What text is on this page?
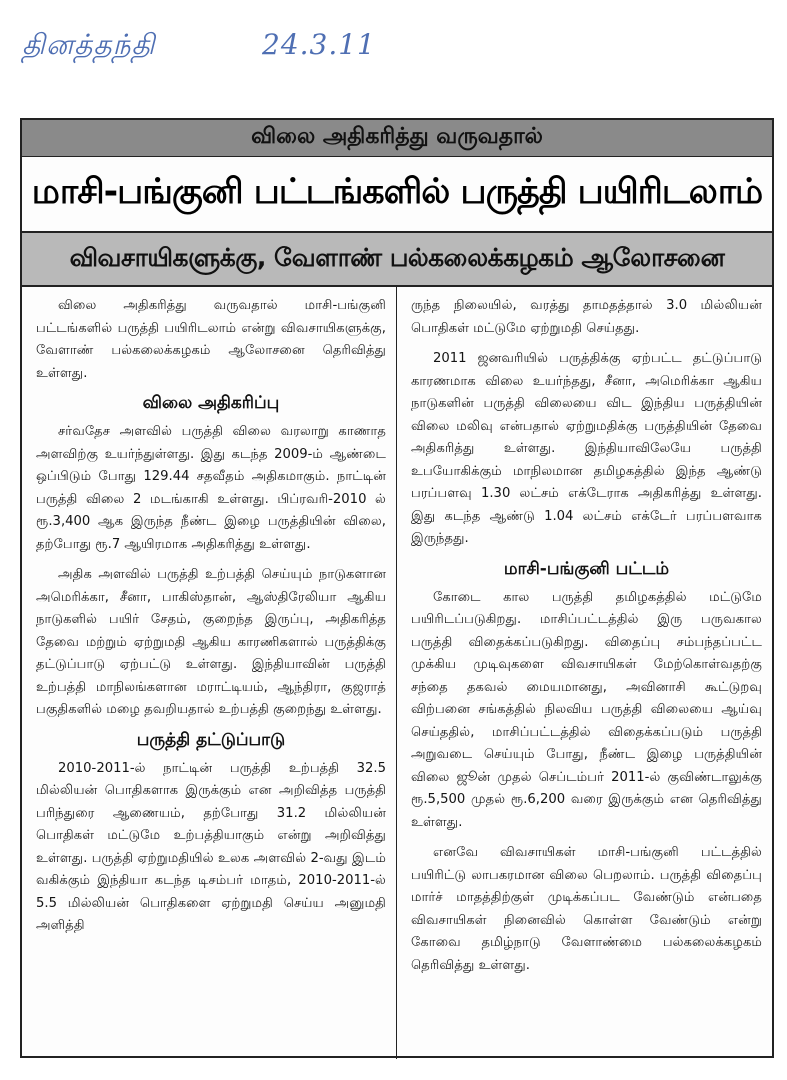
தினத்தந்தி	24.3.11
விலை அதிகரித்து வருவதால்
மாசி-பங்குனி பட்டங்களில் பருத்தி பயிரிடலாம்
விவசாயிகளுக்கு, வேளாண் பல்கலைக்கழகம் ஆலோசனை

விலை அதிகரித்து வருவதால் மாசி-பங்குனி பட்டங்களில் பருத்தி பயிரிடலாம் என்று விவசாயிகளுக்கு, வேளாண் பல்கலைக்கழகம் ஆலோசனை தெரிவித்து உள்ளது.

விலை அதிகரிப்பு

சர்வதேச அளவில் பருத்தி விலை வரலாறு காணாத அளவிற்கு உயர்ந்துள்ளது. இது கடந்த 2009-ம் ஆண்டை ஒப்பிடும் போது 129.44 சதவீதம் அதிகமாகும். நாட்டின் பருத்தி விலை 2 மடங்காகி உள்ளது. பிப்ரவரி-2010 ல் ரூ.3,400 ஆக இருந்த நீண்ட இழை பருத்தியின் விலை, தற்போது ரூ.7 ஆயிரமாக அதிகரித்து உள்ளது.

அதிக அளவில் பருத்தி உற்பத்தி செய்யும் நாடுகளான அமெரிக்கா, சீனா, பாகிஸ்தான், ஆஸ்திரேலியா ஆகிய நாடுகளில் பயிர் சேதம், குறைந்த இருப்பு, அதிகரித்த தேவை மற்றும் ஏற்றுமதி ஆகிய காரணிகளால் பருத்திக்கு தட்டுப்பாடு ஏற்பட்டு உள்ளது. இந்தியாவின் பருத்தி உற்பத்தி மாநிலங்களான மராட்டியம், ஆந்திரா, குஜராத் பகுதிகளில் மழை தவறியதால் உற்பத்தி குறைந்து உள்ளது.

பருத்தி தட்டுப்பாடு

2010-2011-ல் நாட்டின் பருத்தி உற்பத்தி 32.5 மில்லியன் பொதிகளாக இருக்கும் என அறிவித்த பருத்தி பரிந்துரை ஆணையம், தற்போது 31.2 மில்லியன் பொதிகள் மட்டுமே உற்பத்தியாகும் என்று அறிவித்து உள்ளது. பருத்தி ஏற்றுமதியில் உலக அளவில் 2-வது இடம் வகிக்கும் இந்தியா கடந்த டிசம்பர் மாதம், 2010-2011-ல் 5.5 மில்லியன் பொதிகளை ஏற்றுமதி செய்ய அனுமதி அளித்தி

ருந்த நிலையில், வரத்து தாமதத்தால் 3.0 மில்லியன் பொதிகள் மட்டுமே ஏற்றுமதி செய்தது.

2011 ஜனவரியில் பருத்திக்கு ஏற்பட்ட தட்டுப்பாடு காரணமாக விலை உயர்ந்தது, சீனா, அமெரிக்கா ஆகிய நாடுகளின் பருத்தி விலையை விட இந்திய பருத்தியின் விலை மலிவு என்பதால் ஏற்றுமதிக்கு பருத்தியின் தேவை அதிகரித்து உள்ளது. இந்தியாவிலேயே பருத்தி உபயோகிக்கும் மாநிலமான தமிழகத்தில் இந்த ஆண்டு பரப்பளவு 1.30 லட்சம் எக்டேராக அதிகரித்து உள்ளது. இது கடந்த ஆண்டு 1.04 லட்சம் எக்டேர் பரப்பளவாக இருந்தது.

மாசி-பங்குனி பட்டம்

கோடை கால பருத்தி தமிழகத்தில் மட்டுமே பயிரிடப்படுகிறது. மாசிப்பட்டத்தில் இரு பருவகால பருத்தி விதைக்கப்படுகிறது. விதைப்பு சம்பந்தப்பட்ட முக்கிய முடிவுகளை விவசாயிகள் மேற்கொள்வதற்கு சந்தை தகவல் மையமானது, அவினாசி கூட்டுறவு விற்பனை சங்கத்தில் நிலவிய பருத்தி விலையை ஆய்வு செய்ததில், மாசிப்பட்டத்தில் விதைக்கப்படும் பருத்தி அறுவடை செய்யும் போது, நீண்ட இழை பருத்தியின் விலை ஜூன் முதல் செப்டம்பர் 2011-ல் குவிண்டாலுக்கு ரூ.5,500 முதல் ரூ.6,200 வரை இருக்கும் என தெரிவித்து உள்ளது.

எனவே விவசாயிகள் மாசி-பங்குனி பட்டத்தில் பயிரிட்டு லாபகரமான விலை பெறலாம். பருத்தி விதைப்பு மார்ச் மாதத்திற்குள் முடிக்கப்பட வேண்டும் என்பதை விவசாயிகள் நினைவில் கொள்ள வேண்டும் என்று கோவை தமிழ்நாடு வேளாண்மை பல்கலைக்கழகம் தெரிவித்து உள்ளது.
